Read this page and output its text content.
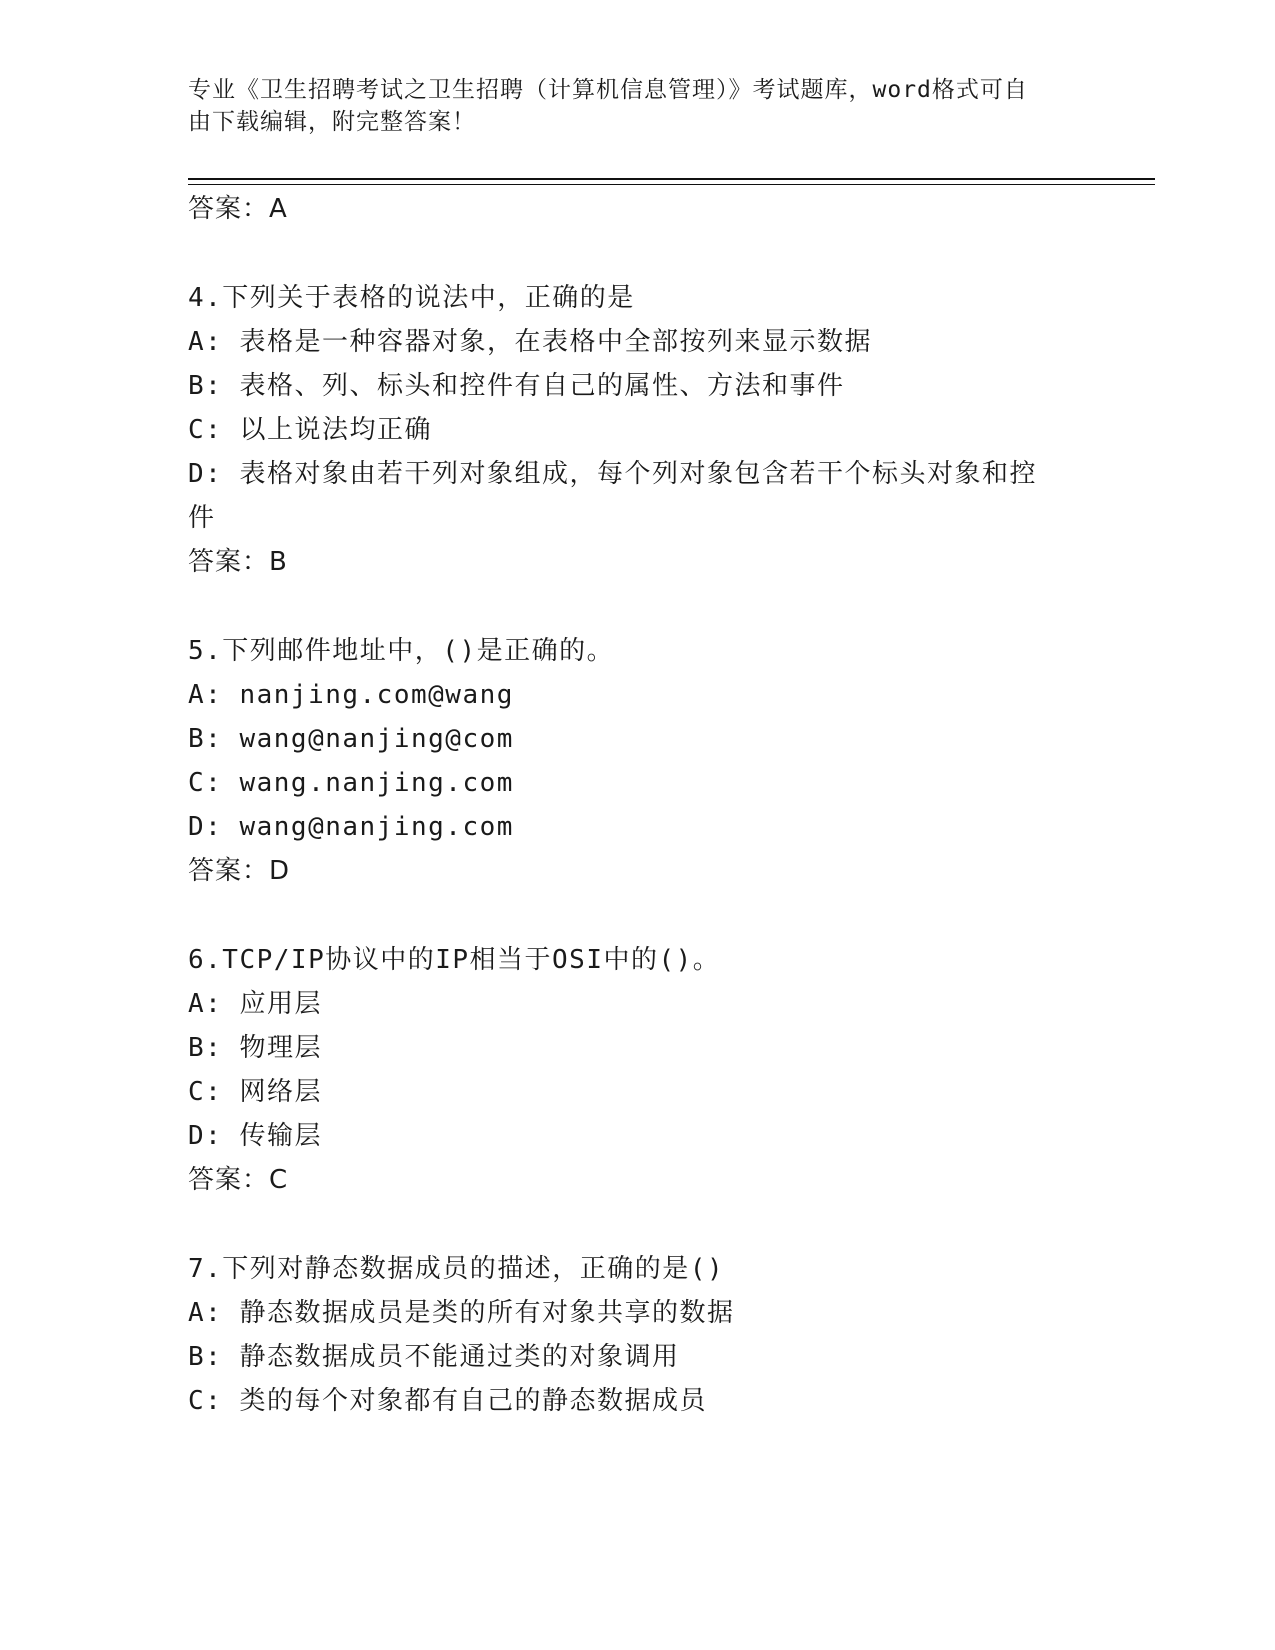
专业《卫生招聘考试之卫生招聘（计算机信息管理）》考试题库，word格式可自
由下载编辑，附完整答案！
答案：A
4.下列关于表格的说法中，正确的是
A: 表格是一种容器对象，在表格中全部按列来显示数据
B: 表格、列、标头和控件有自己的属性、方法和事件
C: 以上说法均正确
D: 表格对象由若干列对象组成，每个列对象包含若干个标头对象和控
件
答案：B
5.下列邮件地址中，()是正确的。
A: nanjing.com@wang
B: wang@nanjing@com
C: wang.nanjing.com
D: wang@nanjing.com
答案：D
6.TCP/IP协议中的IP相当于OSI中的()。
A: 应用层
B: 物理层
C: 网络层
D: 传输层
答案：C
7.下列对静态数据成员的描述，正确的是()
A: 静态数据成员是类的所有对象共享的数据
B: 静态数据成员不能通过类的对象调用
C: 类的每个对象都有自己的静态数据成员
